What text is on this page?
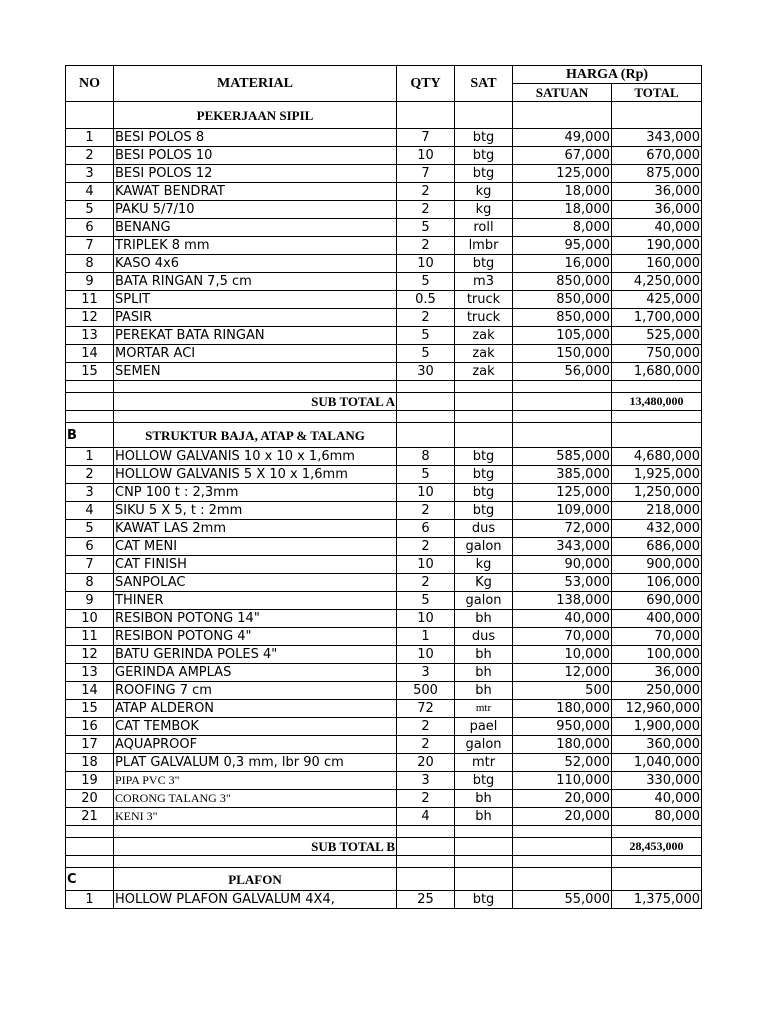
NO	MATERIAL	QTY	SAT	HARGA (Rp)	
				SATUAN	TOTAL
	PEKERJAAN SIPIL				
1	BESI POLOS 8	7	btg	49,000	343,000
2	BESI POLOS 10	10	btg	67,000	670,000
3	BESI POLOS 12	7	btg	125,000	875,000
4	KAWAT BENDRAT	2	kg	18,000	36,000
5	PAKU 5/7/10	2	kg	18,000	36,000
6	BENANG	5	roll	8,000	40,000
7	TRIPLEK 8 mm	2	lmbr	95,000	190,000
8	KASO 4x6	10	btg	16,000	160,000
9	BATA RINGAN 7,5 cm	5	m3	850,000	4,250,000
11	SPLIT	0.5	truck	850,000	425,000
12	PASIR	2	truck	850,000	1,700,000
13	PEREKAT BATA RINGAN	5	zak	105,000	525,000
14	MORTAR ACI	5	zak	150,000	750,000
15	SEMEN	30	zak	56,000	1,680,000

	SUB TOTAL A				13,480,000

B	STRUKTUR BAJA, ATAP & TALANG				
1	HOLLOW GALVANIS 10 x 10 x 1,6mm	8	btg	585,000	4,680,000
2	HOLLOW GALVANIS 5 X 10 x 1,6mm	5	btg	385,000	1,925,000
3	CNP 100 t : 2,3mm	10	btg	125,000	1,250,000
4	SIKU 5 X 5, t : 2mm	2	btg	109,000	218,000
5	KAWAT LAS 2mm	6	dus	72,000	432,000
6	CAT MENI	2	galon	343,000	686,000
7	CAT FINISH	10	kg	90,000	900,000
8	SANPOLAC	2	Kg	53,000	106,000
9	THINER	5	galon	138,000	690,000
10	RESIBON POTONG 14"	10	bh	40,000	400,000
11	RESIBON POTONG 4"	1	dus	70,000	70,000
12	BATU GERINDA POLES 4"	10	bh	10,000	100,000
13	GERINDA AMPLAS	3	bh	12,000	36,000
14	ROOFING 7 cm	500	bh	500	250,000
15	ATAP ALDERON	72	mtr	180,000	12,960,000
16	CAT TEMBOK	2	pael	950,000	1,900,000
17	AQUAPROOF	2	galon	180,000	360,000
18	PLAT GALVALUM 0,3 mm, lbr 90 cm	20	mtr	52,000	1,040,000
19	PIPA PVC 3"	3	btg	110,000	330,000
20	CORONG TALANG 3"	2	bh	20,000	40,000
21	KENI 3"	4	bh	20,000	80,000

	SUB TOTAL B				28,453,000

C	PLAFON				
1	HOLLOW PLAFON GALVALUM 4X4,	25	btg	55,000	1,375,000
